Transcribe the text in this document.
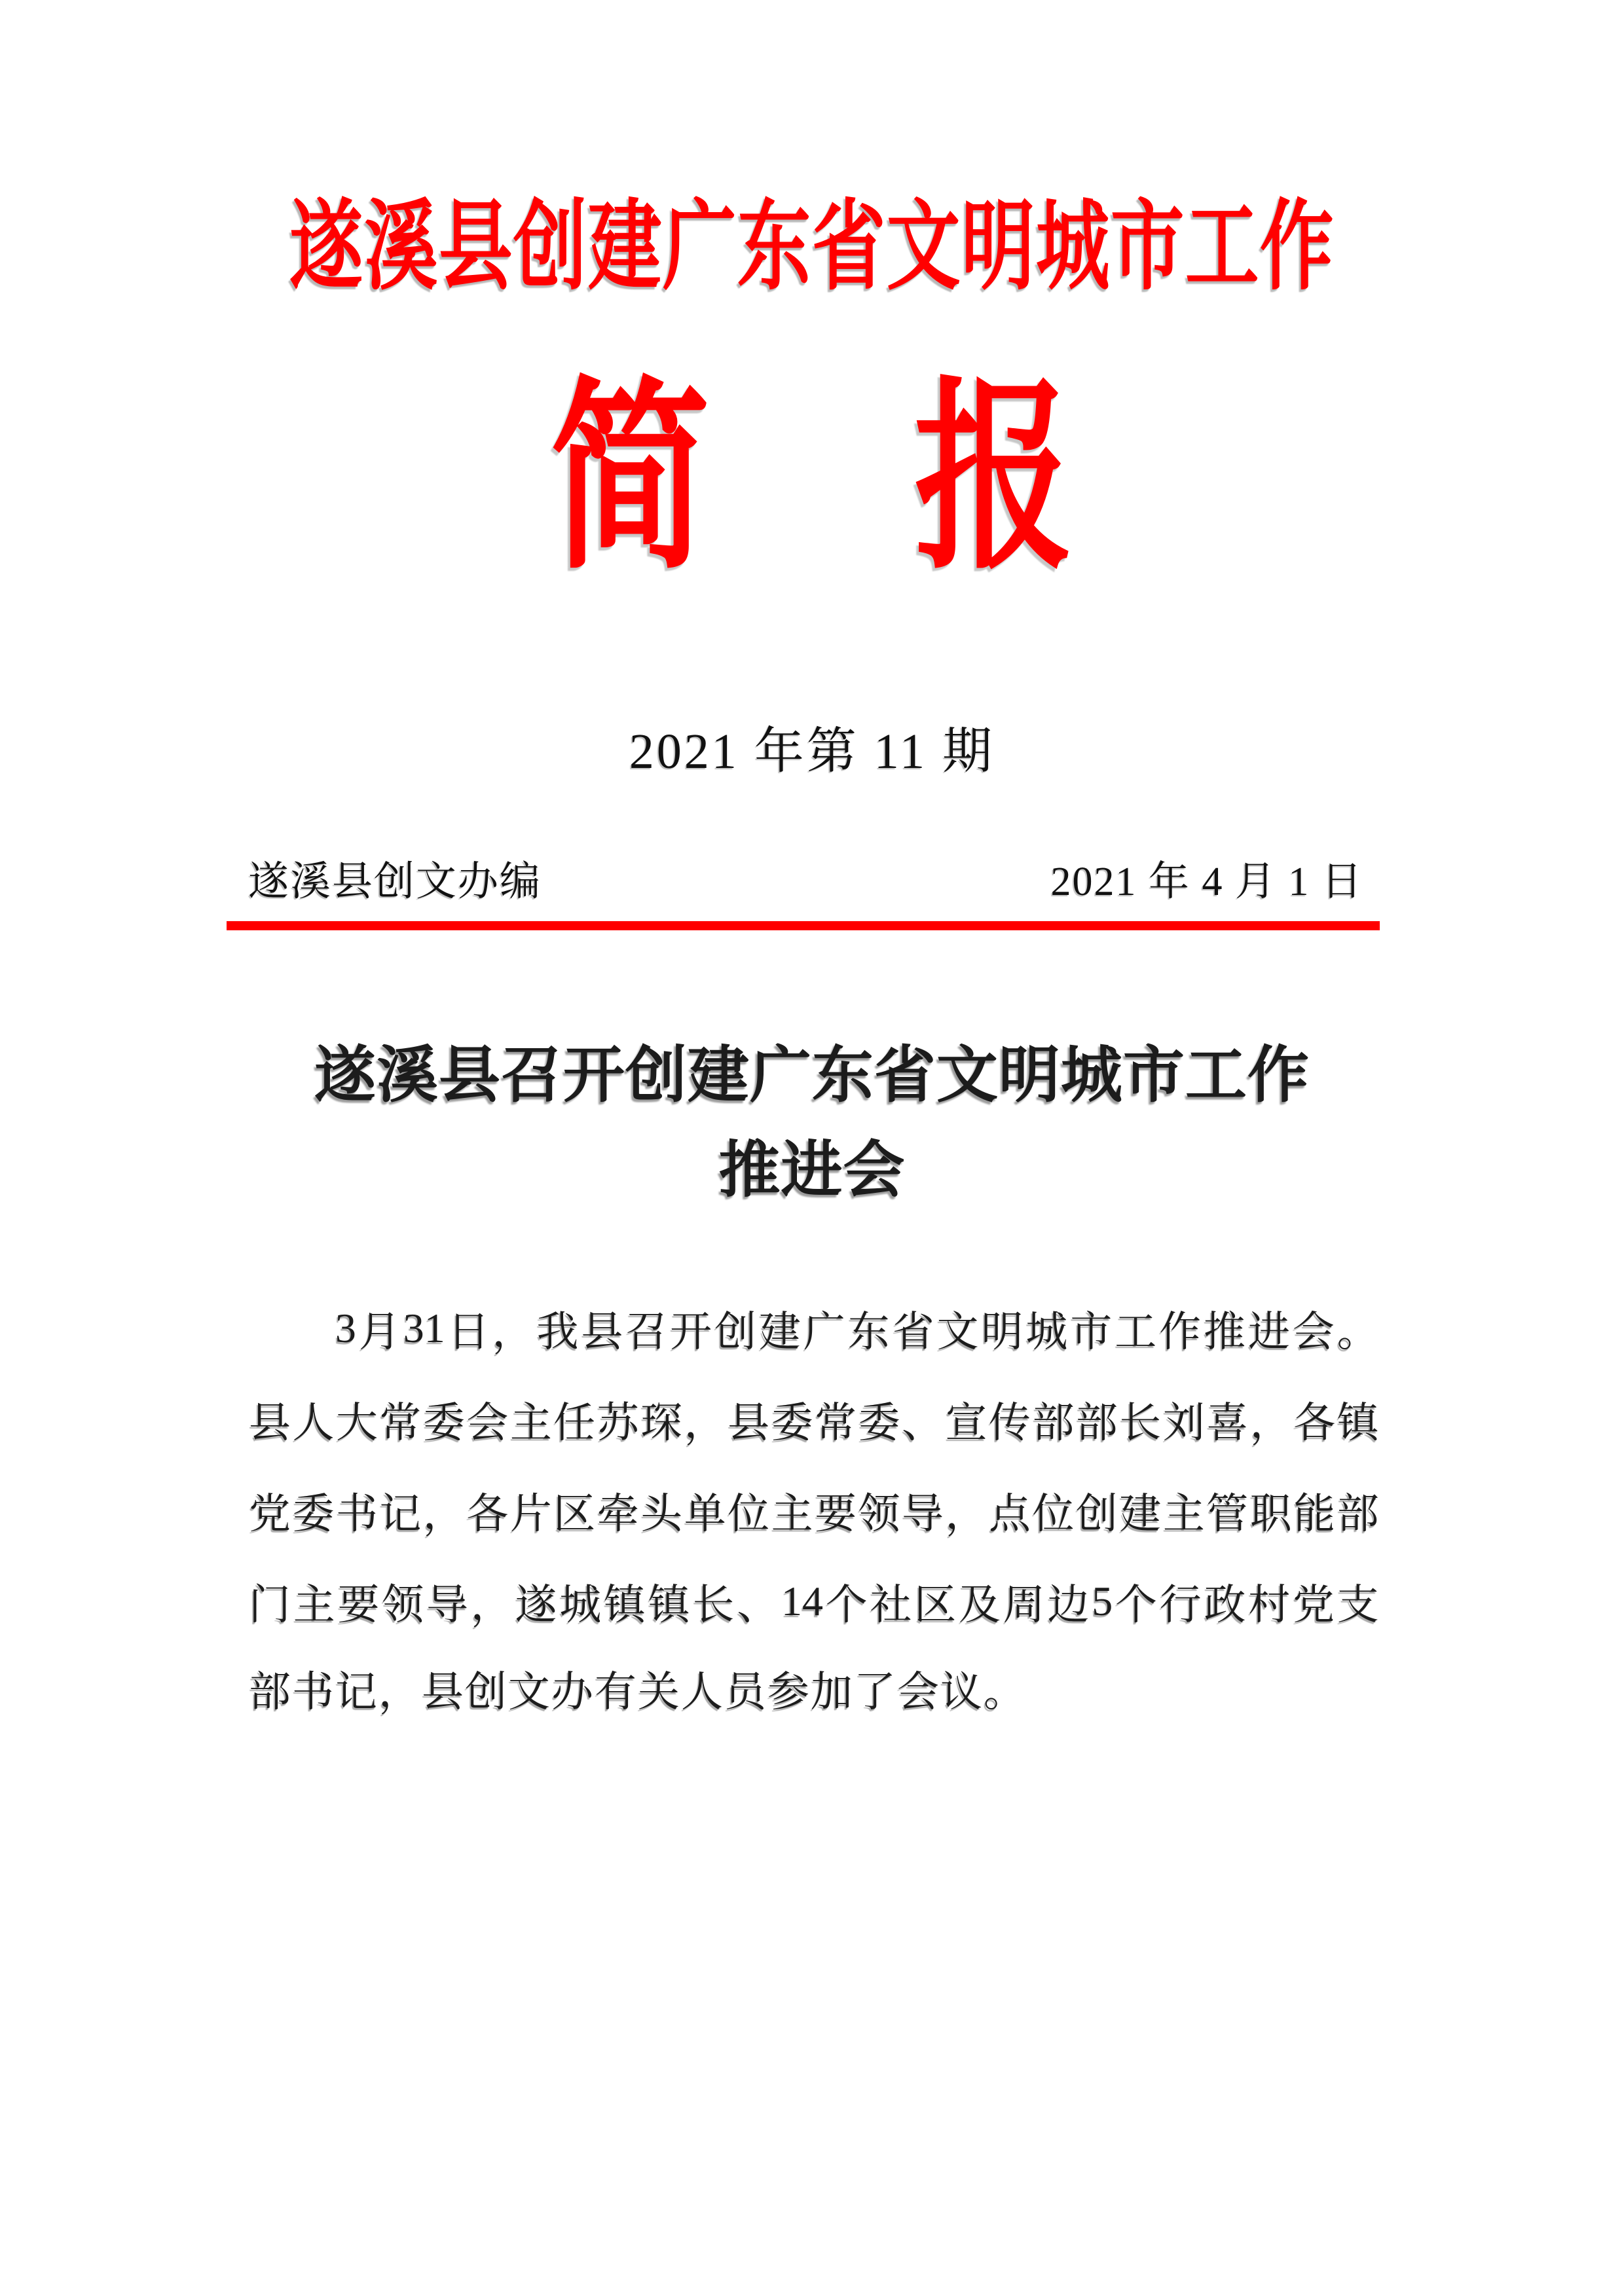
遂溪县创建广东省文明城市工作
简 报
2021 年第 11 期
遂溪县创文办编	2021 年 4 月 1 日
遂溪县召开创建广东省文明城市工作
推进会
3 月 31 日 ， 我 县 召 开 创 建 广 东 省 文 明 城 市 工 作 推 进 会 。
县 人 大 常 委 会 主 任 苏 琛 ， 县 委 常 委 、 宣 传 部 部 长 刘 喜 ， 各 镇
党 委 书 记 ， 各 片 区 牵 头 单 位 主 要 领 导 ， 点 位 创 建 主 管 职 能 部
门 主 要 领 导 ， 遂 城 镇 镇 长 、 14 个 社 区 及 周 边 5 个 行 政 村 党 支
部书记，县创文办有关人员参加了会议。
